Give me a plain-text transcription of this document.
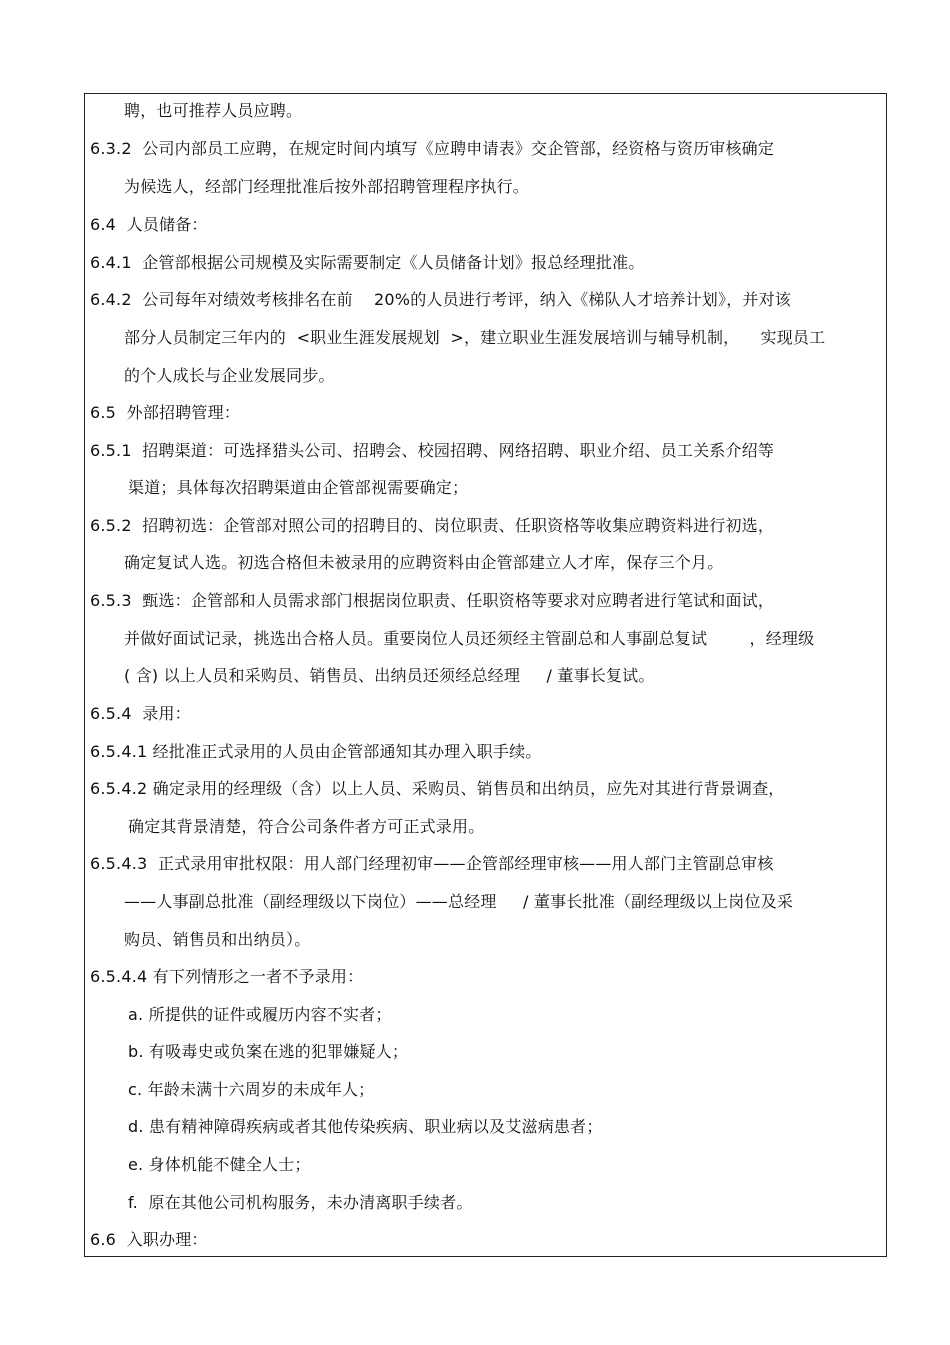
聘，也可推荐人员应聘。
6.3.2  公司内部员工应聘，在规定时间内填写《应聘申请表》交企管部，经资格与资历审核确定
为候选人，经部门经理批准后按外部招聘管理程序执行。
6.4  人员储备：
6.4.1  企管部根据公司规模及实际需要制定《人员储备计划》报总经理批准。
6.4.2  公司每年对绩效考核排名在前    20%的人员进行考评，纳入《梯队人才培养计划》，并对该
部分人员制定三年内的  <职业生涯发展规划  >，建立职业生涯发展培训与辅导机制，    实现员工
的个人成长与企业发展同步。
6.5  外部招聘管理：
6.5.1  招聘渠道：可选择猎头公司、招聘会、校园招聘、网络招聘、职业介绍、员工关系介绍等
渠道；具体每次招聘渠道由企管部视需要确定；
6.5.2  招聘初选：企管部对照公司的招聘目的、岗位职责、任职资格等收集应聘资料进行初选，
确定复试人选。初选合格但未被录用的应聘资料由企管部建立人才库，保存三个月。
6.5.3  甄选：企管部和人员需求部门根据岗位职责、任职资格等要求对应聘者进行笔试和面试，
并做好面试记录，挑选出合格人员。重要岗位人员还须经主管副总和人事副总复试        ，经理级
( 含) 以上人员和采购员、销售员、出纳员还须经总经理     / 董事长复试。
6.5.4  录用：
6.5.4.1 经批准正式录用的人员由企管部通知其办理入职手续。
6.5.4.2 确定录用的经理级（含）以上人员、采购员、销售员和出纳员，应先对其进行背景调查，
确定其背景清楚，符合公司条件者方可正式录用。
6.5.4.3  正式录用审批权限：用人部门经理初审——企管部经理审核——用人部门主管副总审核
——人事副总批准（副经理级以下岗位）——总经理     / 董事长批准（副经理级以上岗位及采
购员、销售员和出纳员）。
6.5.4.4 有下列情形之一者不予录用：
a. 所提供的证件或履历内容不实者；
b. 有吸毒史或负案在逃的犯罪嫌疑人；
c. 年龄未满十六周岁的未成年人；
d. 患有精神障碍疾病或者其他传染疾病、职业病以及艾滋病患者；
e. 身体机能不健全人士；
f.  原在其他公司机构服务，未办清离职手续者。
6.6  入职办理：
